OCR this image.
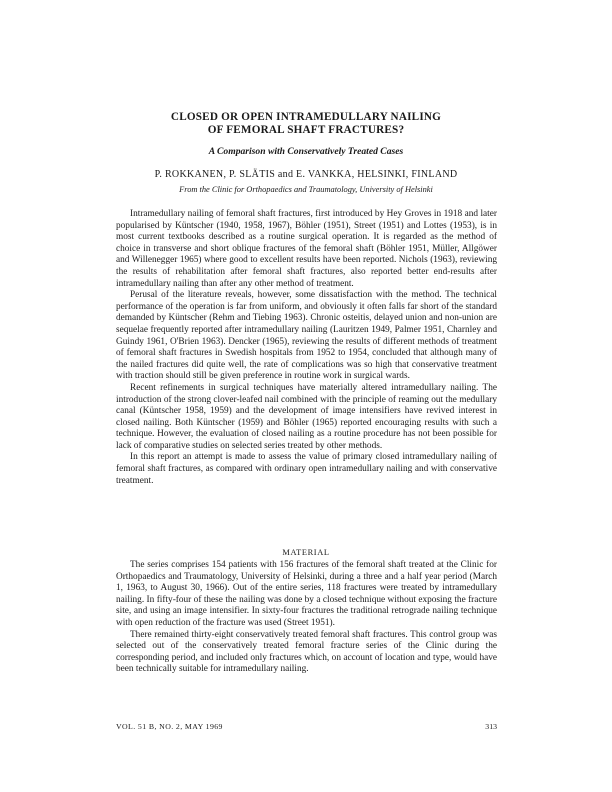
CLOSED OR OPEN INTRAMEDULLARY NAILING
OF FEMORAL SHAFT FRACTURES?
A Comparison with Conservatively Treated Cases
P. ROKKANEN, P. SLÄTIS and E. VANKKA, HELSINKI, FINLAND
From the Clinic for Orthopaedics and Traumatology, University of Helsinki

Intramedullary nailing of femoral shaft fractures, first introduced by Hey Groves in 1918 and later popularised by Küntscher (1940, 1958, 1967), Böhler (1951), Street (1951) and Lottes (1953), is in most current textbooks described as a routine surgical operation. It is regarded as the method of choice in transverse and short oblique fractures of the femoral shaft (Böhler 1951, Müller, Allgöwer and Willenegger 1965) where good to excellent results have been reported. Nichols (1963), reviewing the results of rehabilitation after femoral shaft fractures, also reported better end-results after intramedullary nailing than after any other method of treatment.

Perusal of the literature reveals, however, some dissatisfaction with the method. The technical performance of the operation is far from uniform, and obviously it often falls far short of the standard demanded by Küntscher (Rehm and Tiebing 1963). Chronic osteitis, delayed union and non-union are sequelae frequently reported after intramedullary nailing (Lauritzen 1949, Palmer 1951, Charnley and Guindy 1961, O'Brien 1963). Dencker (1965), reviewing the results of different methods of treatment of femoral shaft fractures in Swedish hospitals from 1952 to 1954, concluded that although many of the nailed fractures did quite well, the rate of complications was so high that conservative treatment with traction should still be given preference in routine work in surgical wards.

Recent refinements in surgical techniques have materially altered intramedullary nailing. The introduction of the strong clover-leafed nail combined with the principle of reaming out the medullary canal (Küntscher 1958, 1959) and the development of image intensifiers have revived interest in closed nailing. Both Küntscher (1959) and Böhler (1965) reported encouraging results with such a technique. However, the evaluation of closed nailing as a routine procedure has not been possible for lack of comparative studies on selected series treated by other methods.

In this report an attempt is made to assess the value of primary closed intramedullary nailing of femoral shaft fractures, as compared with ordinary open intramedullary nailing and with conservative treatment.

MATERIAL

The series comprises 154 patients with 156 fractures of the femoral shaft treated at the Clinic for Orthopaedics and Traumatology, University of Helsinki, during a three and a half year period (March 1, 1963, to August 30, 1966). Out of the entire series, 118 fractures were treated by intramedullary nailing. In fifty-four of these the nailing was done by a closed technique without exposing the fracture site, and using an image intensifier. In sixty-four fractures the traditional retrograde nailing technique with open reduction of the fracture was used (Street 1951).

There remained thirty-eight conservatively treated femoral shaft fractures. This control group was selected out of the conservatively treated femoral fracture series of the Clinic during the corresponding period, and included only fractures which, on account of location and type, would have been technically suitable for intramedullary nailing.

VOL. 51 B, NO. 2, MAY 1969	313
